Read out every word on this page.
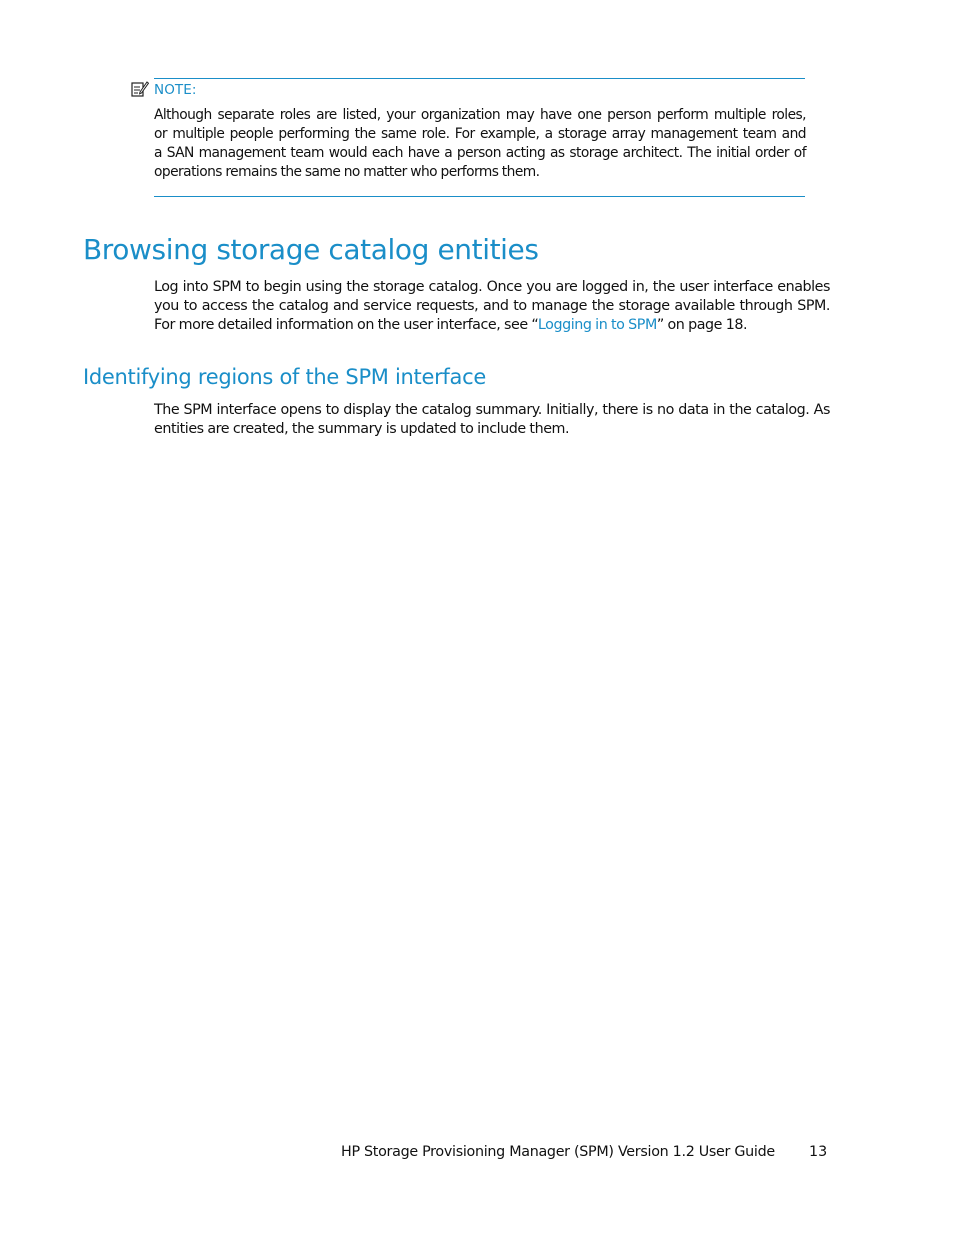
NOTE:
Although separate roles are listed, your organization may have one person perform multiple roles,
or multiple people performing the same role. For example, a storage array management team and
a SAN management team would each have a person acting as storage architect. The initial order of
operations remains the same no matter who performs them.
Browsing storage catalog entities

Log into SPM to begin using the storage catalog. Once you are logged in, the user interface enables
you to access the catalog and service requests, and to manage the storage available through SPM.
For more detailed information on the user interface, see “Logging in to SPM” on page 18.

Identifying regions of the SPM interface

The SPM interface opens to display the catalog summary. Initially, there is no data in the catalog. As
entities are created, the summary is updated to include them.

HP Storage Provisioning Manager (SPM) Version 1.2 User Guide 13
